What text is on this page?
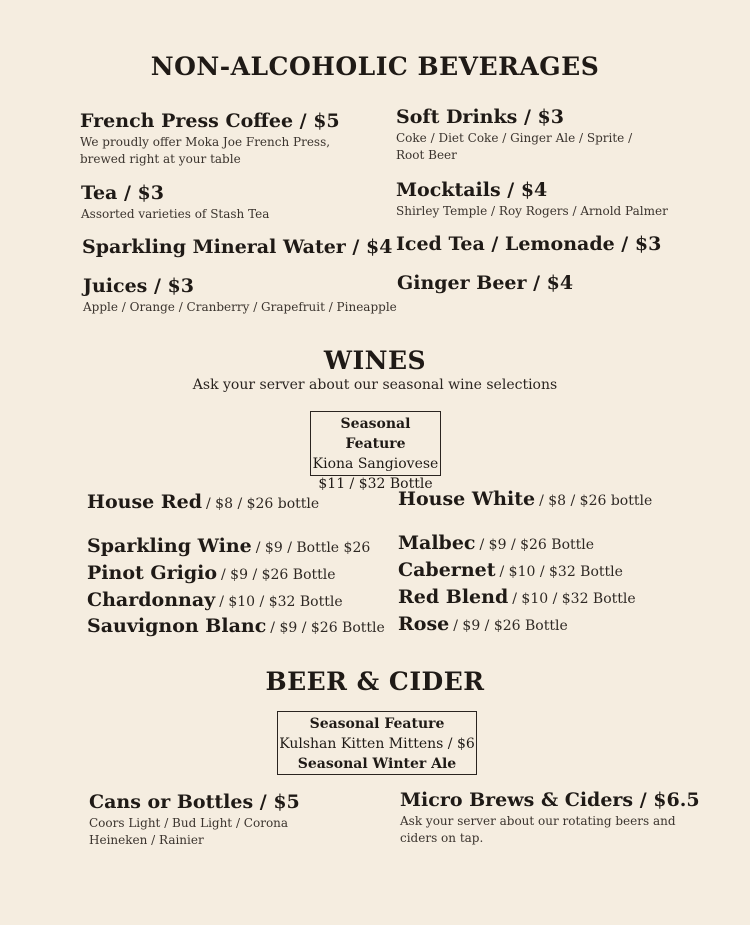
NON-ALCOHOLIC BEVERAGES
French Press Coffee / $5
We proudly offer Moka Joe French Press,
brewed right at your table
Tea / $3
Assorted varieties of Stash Tea
Sparkling Mineral Water / $4
Juices / $3
Apple / Orange / Cranberry / Grapefruit / Pineapple
Soft Drinks / $3
Coke / Diet Coke / Ginger Ale / Sprite /
Root Beer
Mocktails / $4
Shirley Temple / Roy Rogers / Arnold Palmer
Iced Tea / Lemonade / $3
Ginger Beer / $4
WINES
Ask your server about our seasonal wine selections
Seasonal Feature
Kiona Sangiovese
$11 / $32 Bottle
House Red / $8 / $26 bottle
Sparkling Wine / $9 / Bottle $26
Pinot Grigio / $9 / $26 Bottle
Chardonnay / $10 / $32 Bottle
Sauvignon Blanc / $9 / $26 Bottle
House White / $8 / $26 bottle
Malbec / $9 / $26 Bottle
Cabernet / $10 / $32 Bottle
Red Blend / $10 / $32 Bottle
Rose / $9 / $26 Bottle
BEER & CIDER
Seasonal Feature
Kulshan Kitten Mittens / $6
Seasonal Winter Ale
Cans or Bottles / $5
Coors Light / Bud Light / Corona
Heineken / Rainier
Micro Brews & Ciders / $6.5
Ask your server about our rotating beers and
ciders on tap.
